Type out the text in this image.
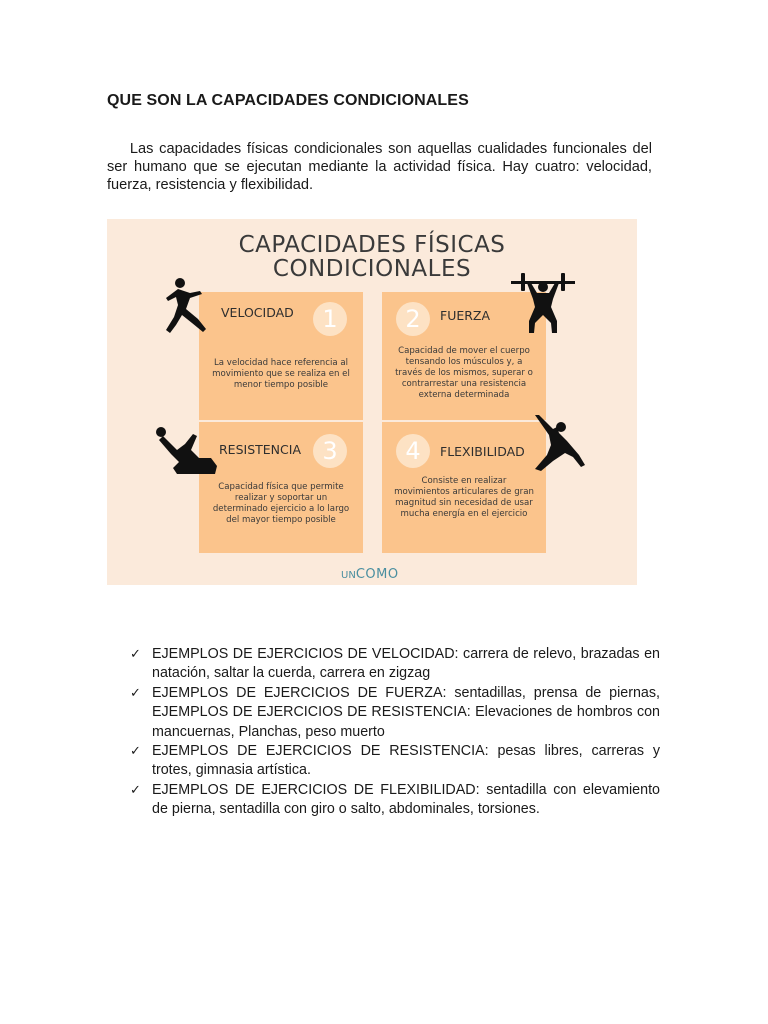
QUE SON LA CAPACIDADES CONDICIONALES
Las capacidades físicas condicionales son aquellas cualidades funcionales del ser humano que se ejecutan mediante la actividad física. Hay cuatro: velocidad, fuerza, resistencia y flexibilidad.
CAPACIDADES FÍSICAS
CONDICIONALES
VELOCIDAD	1
La velocidad hace referencia al movimiento que se realiza en el menor tiempo posible
2	FUERZA
Capacidad de mover el cuerpo tensando los músculos y, a través de los mismos, superar o contrarrestar una resistencia externa determinada
RESISTENCIA 3
Capacidad física que permite realizar y soportar un determinado ejercicio a lo largo del mayor tiempo posible
4	FLEXIBILIDAD
Consiste en realizar movimientos articulares de gran magnitud sin necesidad de usar mucha energía en el ejercicio
UNCOMO
✓ EJEMPLOS DE EJERCICIOS DE VELOCIDAD: carrera de relevo, brazadas en natación, saltar la cuerda, carrera en zigzag
✓ EJEMPLOS DE EJERCICIOS DE FUERZA: sentadillas, prensa de piernas, EJEMPLOS DE EJERCICIOS DE RESISTENCIA: Elevaciones de hombros con mancuernas, Planchas, peso muerto
✓ EJEMPLOS DE EJERCICIOS DE RESISTENCIA: pesas libres, carreras y trotes, gimnasia artística.
✓ EJEMPLOS DE EJERCICIOS DE FLEXIBILIDAD: sentadilla con elevamiento de pierna, sentadilla con giro o salto, abdominales, torsiones.
